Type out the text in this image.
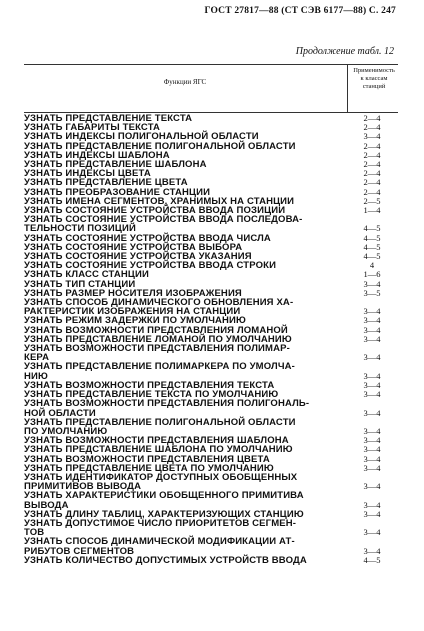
ГОСТ 27817—88 (СТ СЭВ 6177—88) С. 247
Продолжение табл. 12
Функции ЯГС
Применимость
к классам
станций
УЗНАТЬ ПРЕДСТАВЛЕНИЕ ТЕКСТА	2—4
УЗНАТЬ ГАБАРИТЫ ТЕКСТА	2—4
УЗНАТЬ ИНДЕКСЫ ПОЛИГОНАЛЬНОЙ ОБЛАСТИ	3—4
УЗНАТЬ ПРЕДСТАВЛЕНИЕ ПОЛИГОНАЛЬНОЙ ОБЛАСТИ	2—4
УЗНАТЬ ИНДЕКСЫ ШАБЛОНА	2—4
УЗНАТЬ ПРЕДСТАВЛЕНИЕ ШАБЛОНА	2—4
УЗНАТЬ ИНДЕКСЫ ЦВЕТА	2—4
УЗНАТЬ ПРЕДСТАВЛЕНИЕ ЦВЕТА	2—4
УЗНАТЬ ПРЕОБРАЗОВАНИЕ СТАНЦИИ	2—4
УЗНАТЬ ИМЕНА СЕГМЕНТОВ, ХРАНИМЫХ НА СТАНЦИИ	2—5
УЗНАТЬ СОСТОЯНИЕ УСТРОЙСТВА ВВОДА ПОЗИЦИИ	1—4
УЗНАТЬ СОСТОЯНИЕ УСТРОЙСТВА ВВОДА ПОСЛЕДОВА-
ТЕЛЬНОСТИ ПОЗИЦИЙ	4—5
УЗНАТЬ СОСТОЯНИЕ УСТРОЙСТВА ВВОДА ЧИСЛА	4—5
УЗНАТЬ СОСТОЯНИЕ УСТРОЙСТВА ВЫБОРА	4—5
УЗНАТЬ СОСТОЯНИЕ УСТРОЙСТВА УКАЗАНИЯ	4—5
УЗНАТЬ СОСТОЯНИЕ УСТРОЙСТВА ВВОДА СТРОКИ	4
УЗНАТЬ КЛАСС СТАНЦИИ	1—6
УЗНАТЬ ТИП СТАНЦИИ	3—4
УЗНАТЬ РАЗМЕР НОСИТЕЛЯ ИЗОБРАЖЕНИЯ	3—5
УЗНАТЬ СПОСОБ ДИНАМИЧЕСКОГО ОБНОВЛЕНИЯ ХА-
РАКТЕРИСТИК ИЗОБРАЖЕНИЯ НА СТАНЦИИ	3—4
УЗНАТЬ РЕЖИМ ЗАДЕРЖКИ ПО УМОЛЧАНИЮ	3—4
УЗНАТЬ ВОЗМОЖНОСТИ ПРЕДСТАВЛЕНИЯ ЛОМАНОЙ	3—4
УЗНАТЬ ПРЕДСТАВЛЕНИЕ ЛОМАНОЙ ПО УМОЛЧАНИЮ	3—4
УЗНАТЬ ВОЗМОЖНОСТИ ПРЕДСТАВЛЕНИЯ ПОЛИМАР-
КЕРА	3—4
УЗНАТЬ ПРЕДСТАВЛЕНИЕ ПОЛИМАРКЕРА ПО УМОЛЧА-
НИЮ	3—4
УЗНАТЬ ВОЗМОЖНОСТИ ПРЕДСТАВЛЕНИЯ ТЕКСТА	3—4
УЗНАТЬ ПРЕДСТАВЛЕНИЕ ТЕКСТА ПО УМОЛЧАНИЮ	3—4
УЗНАТЬ ВОЗМОЖНОСТИ ПРЕДСТАВЛЕНИЯ ПОЛИГОНАЛЬ-
НОЙ ОБЛАСТИ	3—4
УЗНАТЬ ПРЕДСТАВЛЕНИЕ ПОЛИГОНАЛЬНОЙ ОБЛАСТИ
ПО УМОЛЧАНИЮ	3—4
УЗНАТЬ ВОЗМОЖНОСТИ ПРЕДСТАВЛЕНИЯ ШАБЛОНА	3—4
УЗНАТЬ ПРЕДСТАВЛЕНИЕ ШАБЛОНА ПО УМОЛЧАНИЮ	3—4
УЗНАТЬ ВОЗМОЖНОСТИ ПРЕДСТАВЛЕНИЯ ЦВЕТА	3—4
УЗНАТЬ ПРЕДСТАВЛЕНИЕ ЦВЕТА ПО УМОЛЧАНИЮ	3—4
УЗНАТЬ ИДЕНТИФИКАТОР ДОСТУПНЫХ ОБОБЩЕННЫХ
ПРИМИТИВОВ ВЫВОДА	3—4
УЗНАТЬ ХАРАКТЕРИСТИКИ ОБОБЩЕННОГО ПРИМИТИВА
ВЫВОДА	3—4
УЗНАТЬ ДЛИНУ ТАБЛИЦ, ХАРАКТЕРИЗУЮЩИХ СТАНЦИЮ	3—4
УЗНАТЬ ДОПУСТИМОЕ ЧИСЛО ПРИОРИТЕТОВ СЕГМЕН-
ТОВ	3—4
УЗНАТЬ СПОСОБ ДИНАМИЧЕСКОЙ МОДИФИКАЦИИ АТ-
РИБУТОВ СЕГМЕНТОВ	3—4
УЗНАТЬ КОЛИЧЕСТВО ДОПУСТИМЫХ УСТРОЙСТВ ВВОДА	4—5
